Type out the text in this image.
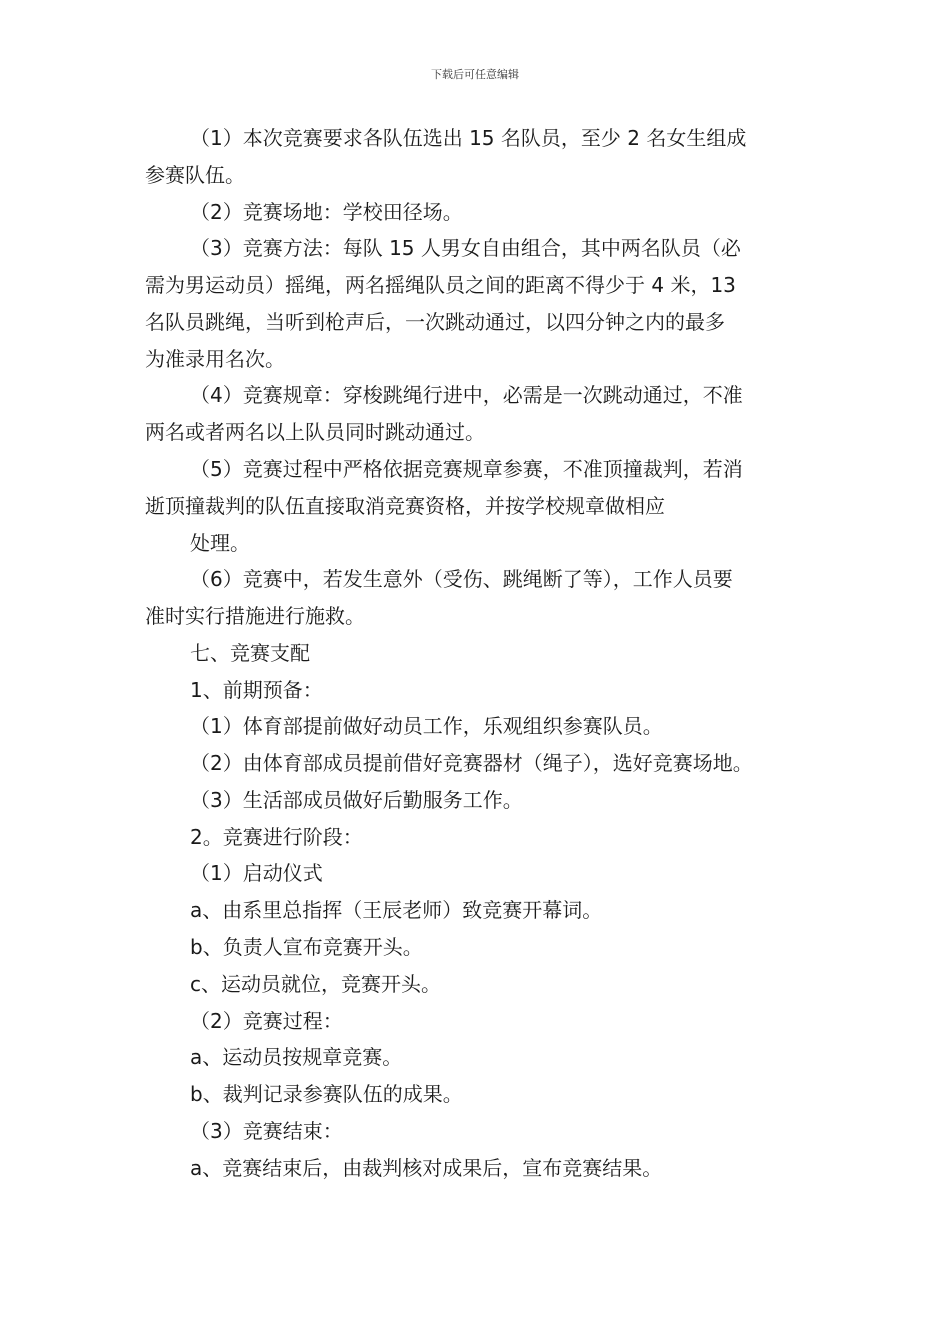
下载后可任意编辑
（1）本次竞赛要求各队伍选出 15 名队员，至少 2 名女生组成
参赛队伍。
（2）竞赛场地：学校田径场。
（3）竞赛方法：每队 15 人男女自由组合，其中两名队员（必
需为男运动员）摇绳，两名摇绳队员之间的距离不得少于 4 米，13
名队员跳绳，当听到枪声后，一次跳动通过，以四分钟之内的最多
为准录用名次。
（4）竞赛规章：穿梭跳绳行进中，必需是一次跳动通过，不准
两名或者两名以上队员同时跳动通过。
（5）竞赛过程中严格依据竞赛规章参赛，不准顶撞裁判，若消
逝顶撞裁判的队伍直接取消竞赛资格，并按学校规章做相应
处理。
（6）竞赛中，若发生意外（受伤、跳绳断了等），工作人员要
准时实行措施进行施救。
七、竞赛支配
1、前期预备：
（1）体育部提前做好动员工作，乐观组织参赛队员。
（2）由体育部成员提前借好竞赛器材（绳子），选好竞赛场地。
（3）生活部成员做好后勤服务工作。
2。竞赛进行阶段：
（1）启动仪式
a、由系里总指挥（王辰老师）致竞赛开幕词。
b、负责人宣布竞赛开头。
c、运动员就位，竞赛开头。
（2）竞赛过程：
a、运动员按规章竞赛。
b、裁判记录参赛队伍的成果。
（3）竞赛结束：
a、竞赛结束后，由裁判核对成果后，宣布竞赛结果。
